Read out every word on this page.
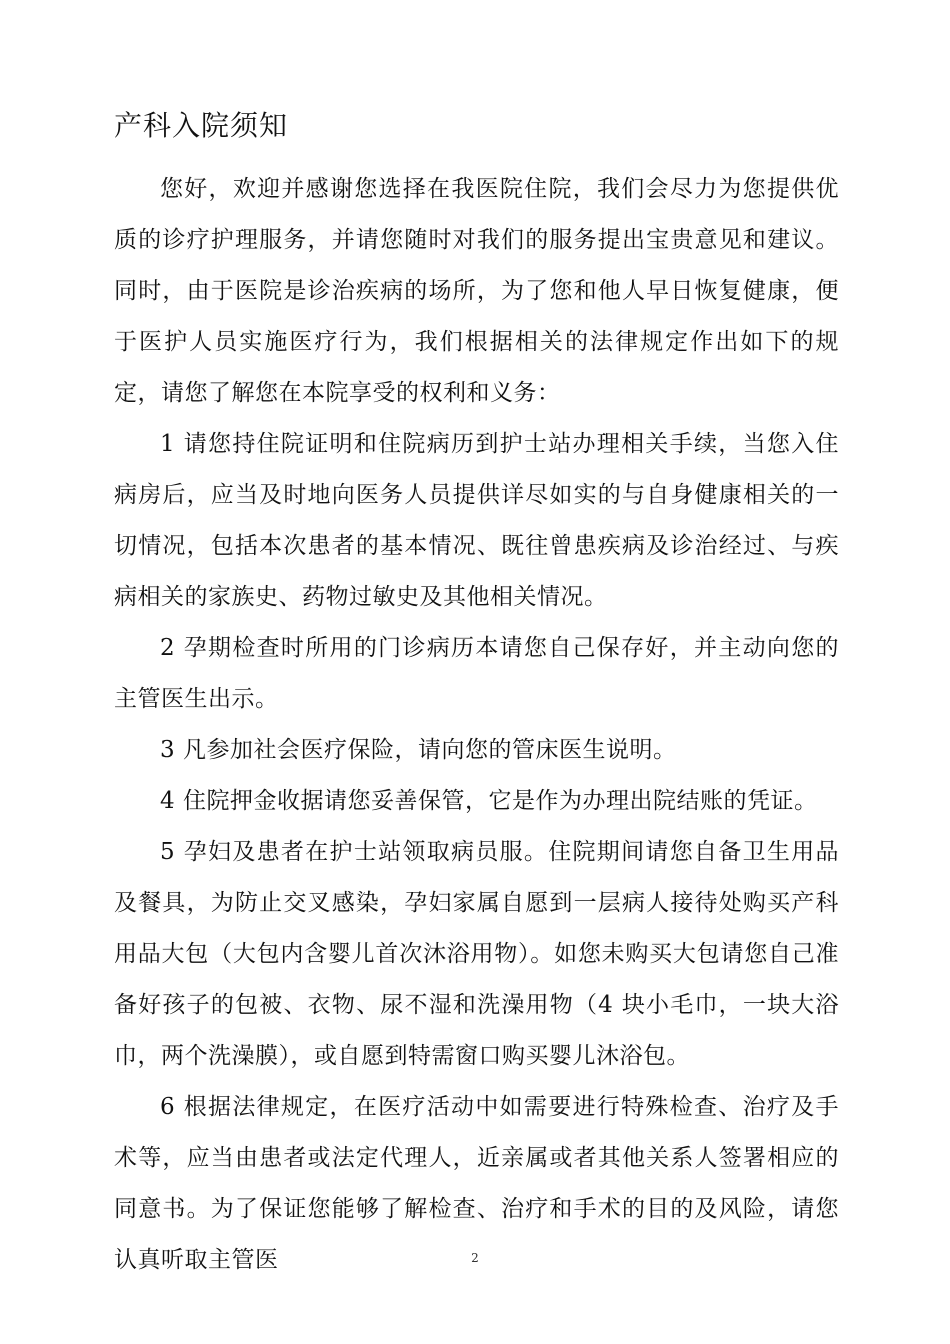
产科入院须知

您好，欢迎并感谢您选择在我医院住院，我们会尽力为您提供优质的诊疗护理服务，并请您随时对我们的服务提出宝贵意见和建议。同时，由于医院是诊治疾病的场所，为了您和他人早日恢复健康，便于医护人员实施医疗行为，我们根据相关的法律规定作出如下的规定，请您了解您在本院享受的权利和义务：

1 请您持住院证明和住院病历到护士站办理相关手续，当您入住病房后，应当及时地向医务人员提供详尽如实的与自身健康相关的一切情况，包括本次患者的基本情况、既往曾患疾病及诊治经过、与疾病相关的家族史、药物过敏史及其他相关情况。

2 孕期检查时所用的门诊病历本请您自己保存好，并主动向您的主管医生出示。

3 凡参加社会医疗保险，请向您的管床医生说明。

4 住院押金收据请您妥善保管，它是作为办理出院结账的凭证。

5 孕妇及患者在护士站领取病员服。住院期间请您自备卫生用品及餐具，为防止交叉感染，孕妇家属自愿到一层病人接待处购买产科用品大包（大包内含婴儿首次沐浴用物）。如您未购买大包请您自己准备好孩子的包被、衣物、尿不湿和洗澡用物（4 块小毛巾，一块大浴巾，两个洗澡膜），或自愿到特需窗口购买婴儿沐浴包。

6 根据法律规定，在医疗活动中如需要进行特殊检查、治疗及手术等，应当由患者或法定代理人，近亲属或者其他关系人签署相应的同意书。为了保证您能够了解检查、治疗和手术的目的及风险，请您认真听取主管医	2
